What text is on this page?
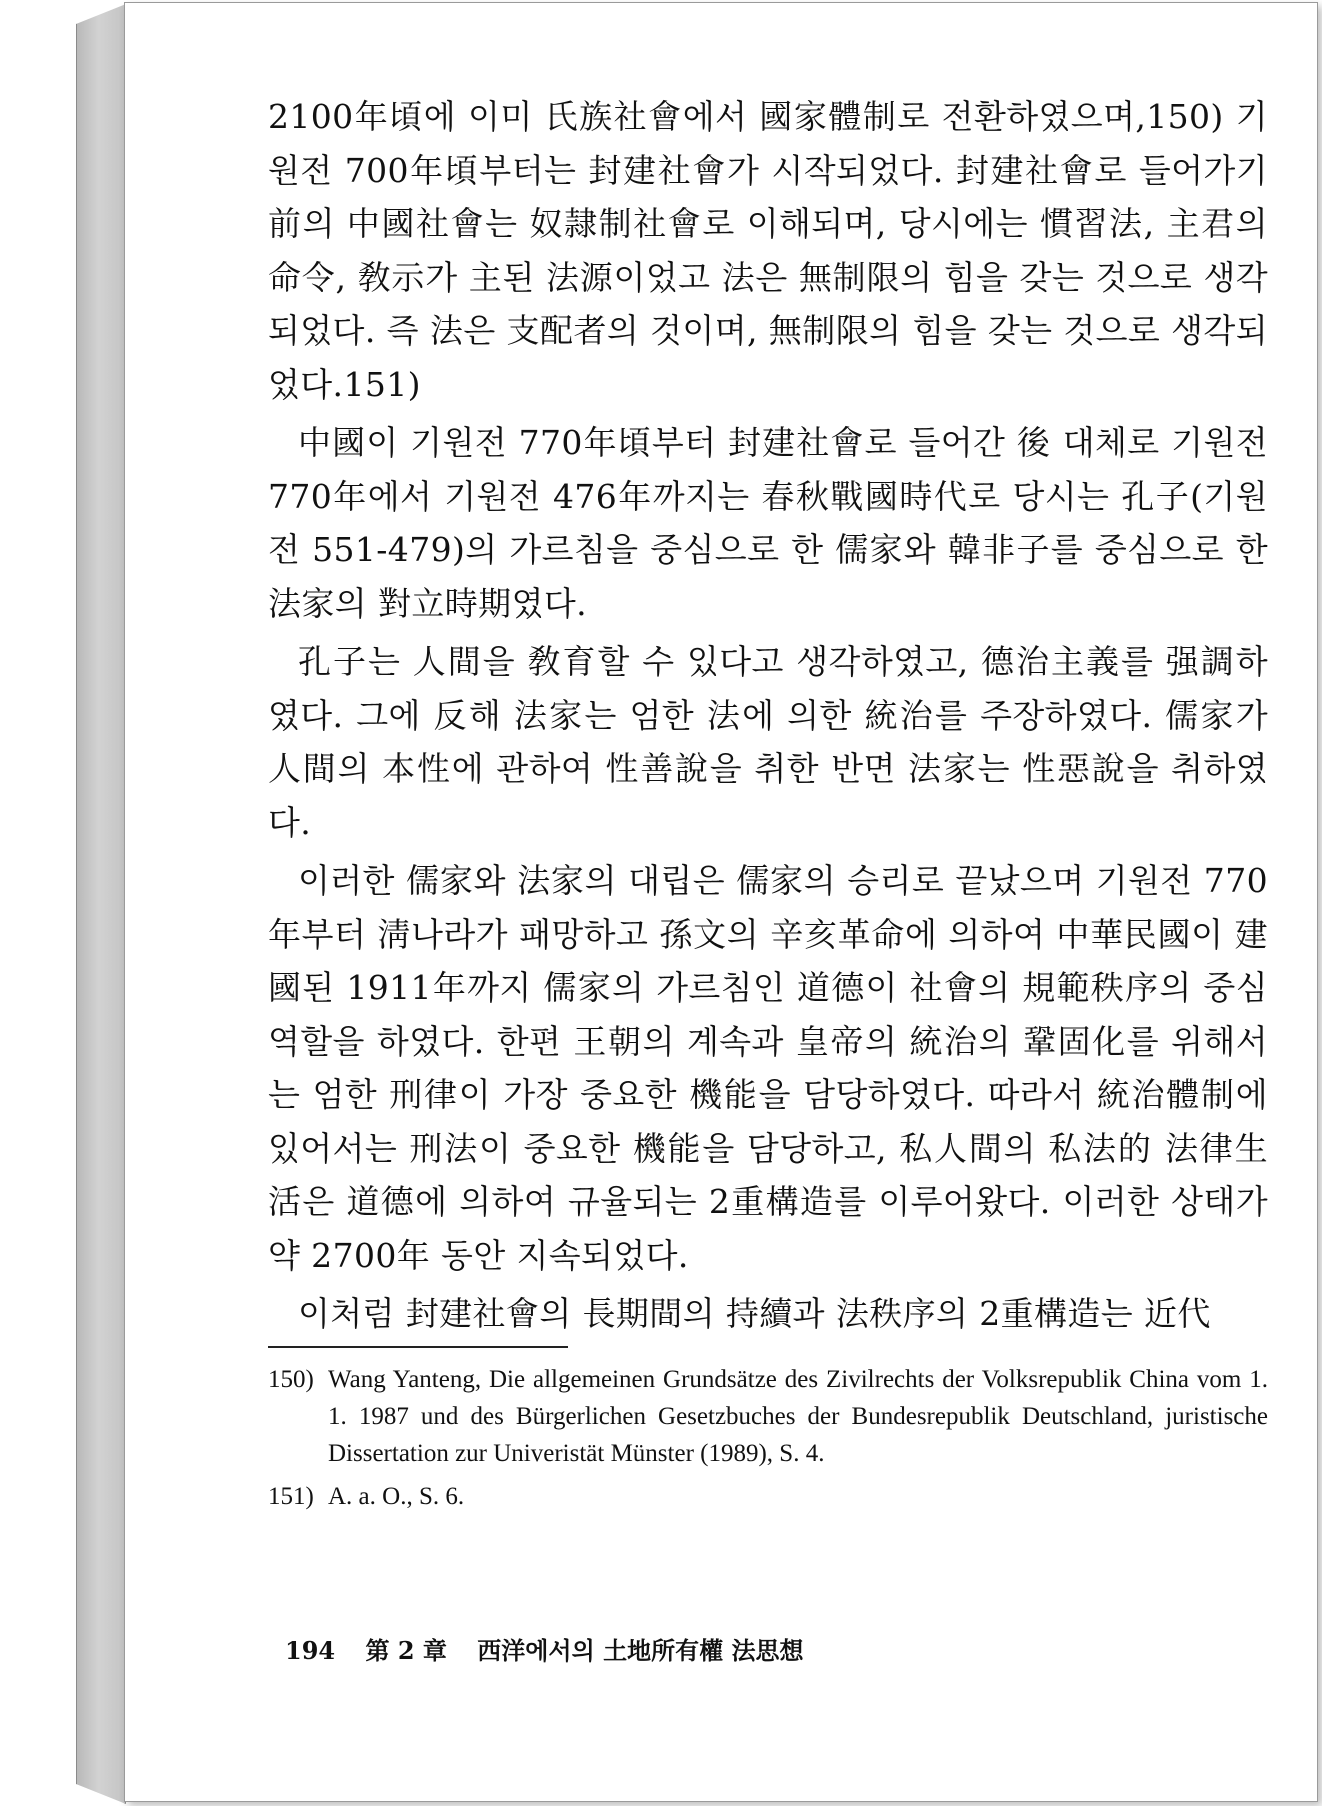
2100年頃에 이미 氏族社會에서 國家體制로 전환하였으며,150) 기원전 700年頃부터는 封建社會가 시작되었다. 封建社會로 들어가기 前의 中國社會는 奴隷制社會로 이해되며, 당시에는 慣習法, 主君의 命令, 敎示가 主된 法源이었고 法은 無制限의 힘을 갖는 것으로 생각되었다. 즉 法은 支配者의 것이며, 無制限의 힘을 갖는 것으로 생각되었다.151)

中國이 기원전 770年頃부터 封建社會로 들어간 後 대체로 기원전 770年에서 기원전 476年까지는 春秋戰國時代로 당시는 孔子(기원전 551-479)의 가르침을 중심으로 한 儒家와 韓非子를 중심으로 한 法家의 對立時期였다.

孔子는 人間을 敎育할 수 있다고 생각하였고, 德治主義를 强調하였다. 그에 反해 法家는 엄한 法에 의한 統治를 주장하였다. 儒家가 人間의 本性에 관하여 性善說을 취한 반면 法家는 性惡說을 취하였다.

이러한 儒家와 法家의 대립은 儒家의 승리로 끝났으며 기원전 770年부터 淸나라가 패망하고 孫文의 辛亥革命에 의하여 中華民國이 建國된 1911年까지 儒家의 가르침인 道德이 社會의 規範秩序의 중심역할을 하였다. 한편 王朝의 계속과 皇帝의 統治의 鞏固化를 위해서는 엄한 刑律이 가장 중요한 機能을 담당하였다. 따라서 統治體制에 있어서는 刑法이 중요한 機能을 담당하고, 私人間의 私法的 法律生活은 道德에 의하여 규율되는 2重構造를 이루어왔다. 이러한 상태가 약 2700年 동안 지속되었다.

이처럼 封建社會의 長期間의 持續과 法秩序의 2重構造는 近代

150) Wang Yanteng, Die allgemeinen Grundsätze des Zivilrechts der Volksrepublik China vom 1. 1. 1987 und des Bürgerlichen Gesetzbuches der Bundesrepublik Deutschland, juristische Dissertation zur Univeristät Münster (1989), S. 4.
151) A. a. O., S. 6.
194 第 2 章 西洋에서의 土地所有權 法思想
